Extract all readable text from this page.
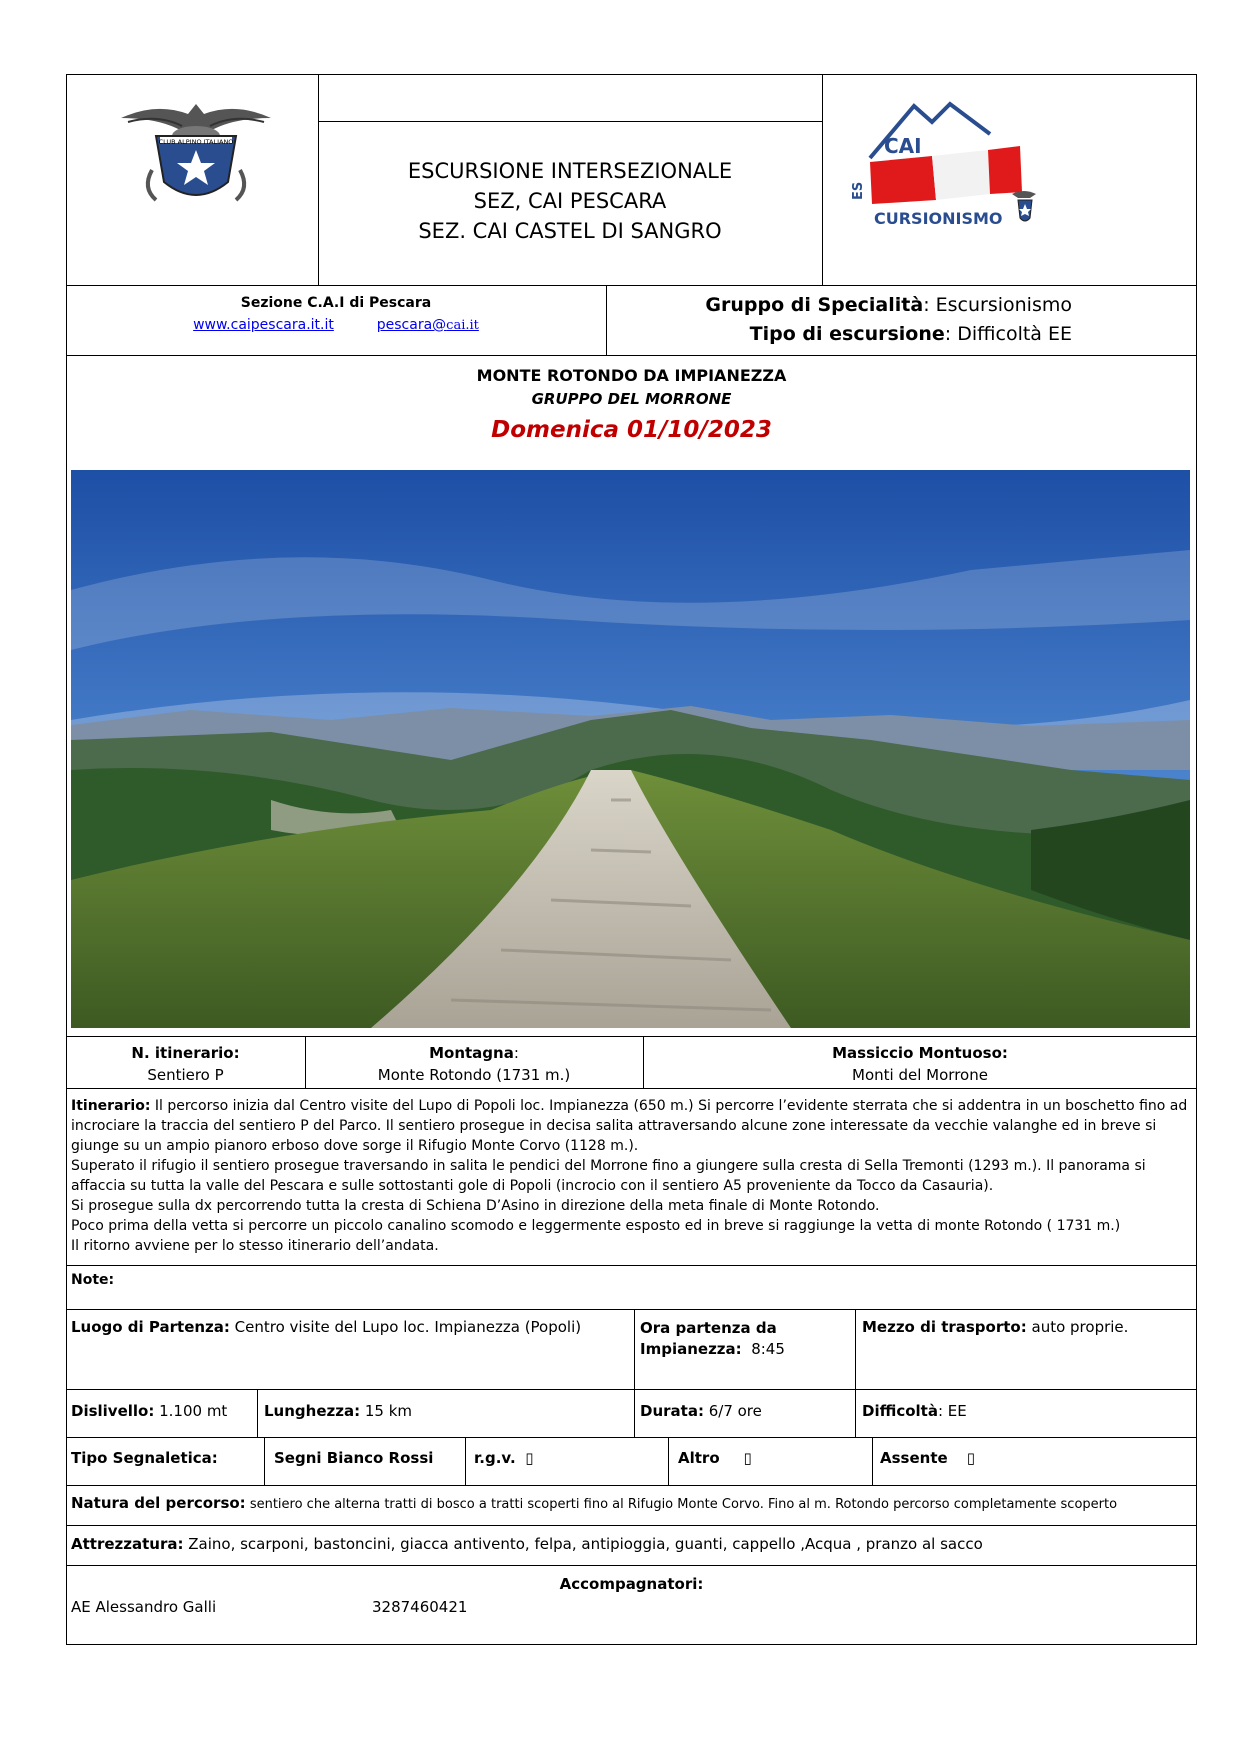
CLUB ALPINO ITALIANO
ESCURSIONE INTERSEZIONALE
SEZ, CAI PESCARA
SEZ. CAI CASTEL DI SANGRO
CAI
ES
CURSIONISMO
Sezione C.A.I di Pescara
www.caipescara.it.it	pescara@cai.it
Gruppo di Specialità: Escursionismo
Tipo di escursione: Difficoltà EE
MONTE ROTONDO DA IMPIANEZZA
GRUPPO DEL MORRONE
Domenica 01/10/2023
N. itinerario:
Sentiero P
Montagna:
Monte Rotondo (1731 m.)
Massiccio Montuoso:
Monti del Morrone
Itinerario: Il percorso inizia dal Centro visite del Lupo di Popoli loc. Impianezza (650 m.) Si percorre l’evidente sterrata che si addentra in un boschetto fino ad incrociare la traccia del sentiero P del Parco. Il sentiero prosegue in decisa salita attraversando alcune zone interessate da vecchie valanghe ed in breve si giunge su un ampio pianoro erboso dove sorge il Rifugio Monte Corvo (1128 m.).
Superato il rifugio il sentiero prosegue traversando in salita le pendici del Morrone fino a giungere sulla cresta di Sella Tremonti (1293 m.). Il panorama si affaccia su tutta la valle del Pescara e sulle sottostanti gole di Popoli (incrocio con il sentiero A5 proveniente da Tocco da Casauria).
Si prosegue sulla dx percorrendo tutta la cresta di Schiena D’Asino in direzione della meta finale di Monte Rotondo.
Poco prima della vetta si percorre un piccolo canalino scomodo e leggermente esposto ed in breve si raggiunge la vetta di monte Rotondo ( 1731 m.)
Il ritorno avviene per lo stesso itinerario dell’andata.
Note:
Luogo di Partenza: Centro visite del Lupo loc. Impianezza (Popoli)	Ora partenza da
Impianezza: 8:45
Mezzo di trasporto: auto proprie.
Dislivello: 1.100 mt Lunghezza: 15 km	Durata: 6/7 ore	Difficoltà: EE
Tipo Segnaletica:	Segni Bianco Rossi	r.g.v. ▯	Altro ▯	Assente ▯
Natura del percorso: sentiero che alterna tratti di bosco a tratti scoperti fino al Rifugio Monte Corvo. Fino al m. Rotondo percorso completamente scoperto
Attrezzatura: Zaino, scarponi, bastoncini, giacca antivento, felpa, antipioggia, guanti, cappello ,Acqua , pranzo al sacco
Accompagnatori:
AE Alessandro Galli	3287460421
